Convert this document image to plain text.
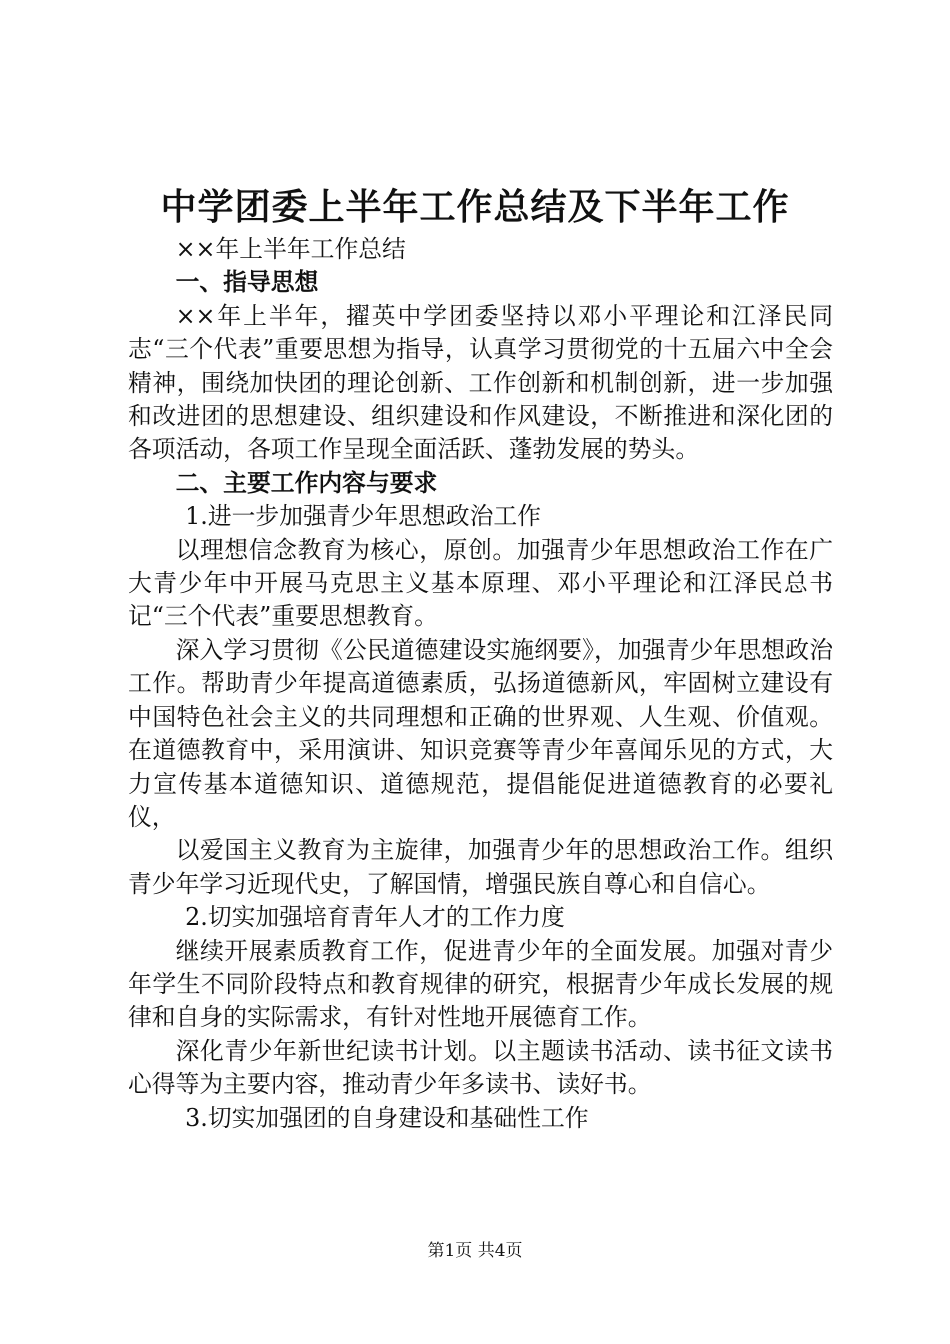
中学团委上半年工作总结及下半年工作

××年上半年工作总结

一、指导思想

××年上半年，擢英中学团委坚持以邓小平理论和江泽民同志“三个代表”重要思想为指导，认真学习贯彻党的十五届六中全会精神，围绕加快团的理论创新、工作创新和机制创新，进一步加强和改进团的思想建设、组织建设和作风建设，不断推进和深化团的各项活动，各项工作呈现全面活跃、蓬勃发展的势头。

二、主要工作内容与要求

1.进一步加强青少年思想政治工作

以理想信念教育为核心，原创。加强青少年思想政治工作在广大青少年中开展马克思主义基本原理、邓小平理论和江泽民总书记“三个代表”重要思想教育。

深入学习贯彻《公民道德建设实施纲要》，加强青少年思想政治工作。帮助青少年提高道德素质，弘扬道德新风，牢固树立建设有中国特色社会主义的共同理想和正确的世界观、人生观、价值观。在道德教育中，采用演讲、知识竞赛等青少年喜闻乐见的方式，大力宣传基本道德知识、道德规范，提倡能促进道德教育的必要礼仪，

以爱国主义教育为主旋律，加强青少年的思想政治工作。组织青少年学习近现代史，了解国情，增强民族自尊心和自信心。

2.切实加强培育青年人才的工作力度

继续开展素质教育工作，促进青少年的全面发展。加强对青少年学生不同阶段特点和教育规律的研究，根据青少年成长发展的规律和自身的实际需求，有针对性地开展德育工作。

深化青少年新世纪读书计划。以主题读书活动、读书征文读书心得等为主要内容，推动青少年多读书、读好书。

3.切实加强团的自身建设和基础性工作

第1页 共4页
